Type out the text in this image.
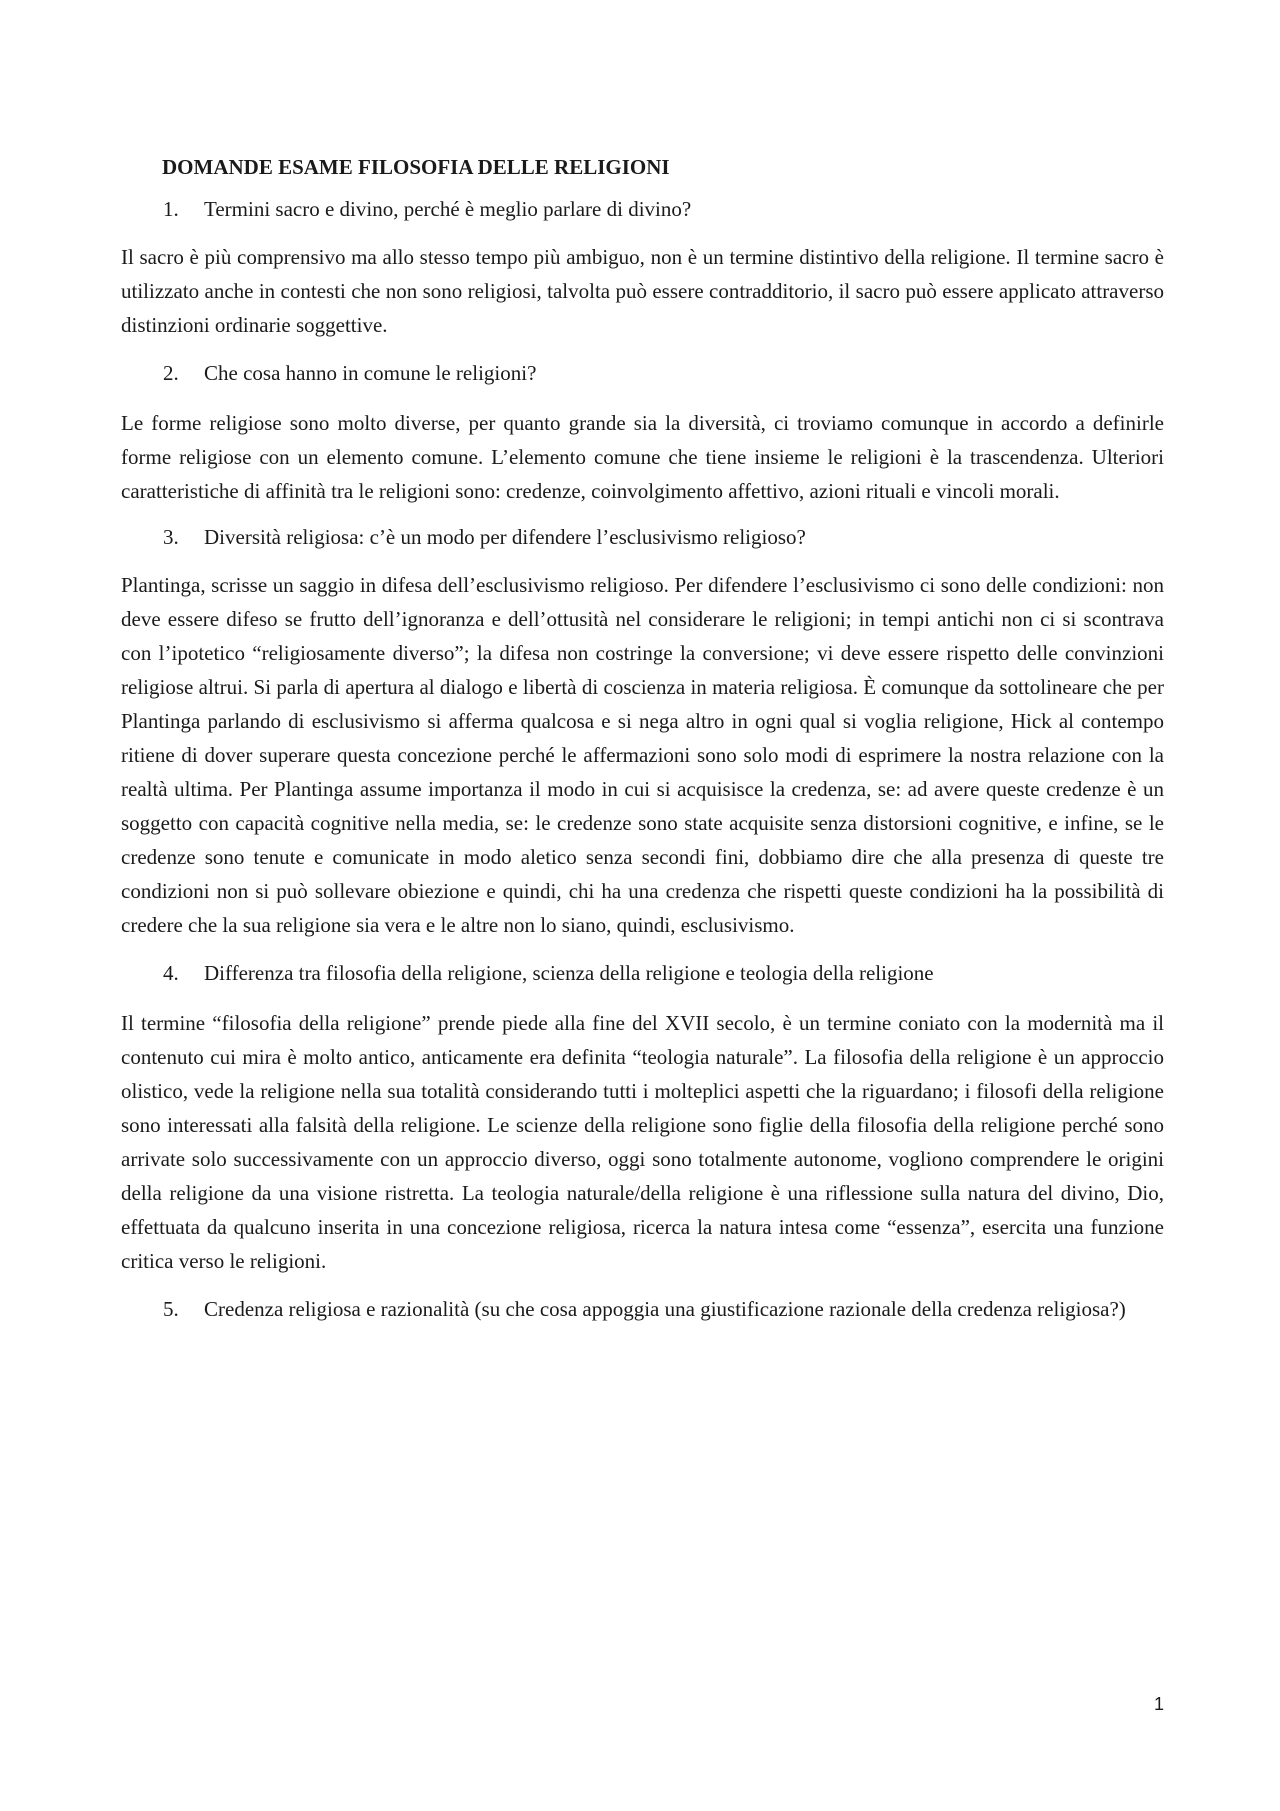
DOMANDE ESAME FILOSOFIA DELLE RELIGIONI
1.	Termini sacro e divino, perché è meglio parlare di divino?

Il sacro è più comprensivo ma allo stesso tempo più ambiguo, non è un termine distintivo della religione. Il termine sacro è utilizzato anche in contesti che non sono religiosi, talvolta può essere contradditorio, il sacro può essere applicato attraverso distinzioni ordinarie soggettive.

2.	Che cosa hanno in comune le religioni?

Le forme religiose sono molto diverse, per quanto grande sia la diversità, ci troviamo comunque in accordo a definirle forme religiose con un elemento comune. L’elemento comune che tiene insieme le religioni è la trascendenza. Ulteriori caratteristiche di affinità tra le religioni sono: credenze, coinvolgimento affettivo, azioni rituali e vincoli morali.

3.	Diversità religiosa: c’è un modo per difendere l’esclusivismo religioso?

Plantinga, scrisse un saggio in difesa dell’esclusivismo religioso. Per difendere l’esclusivismo ci sono delle condizioni: non deve essere difeso se frutto dell’ignoranza e dell’ottusità nel considerare le religioni; in tempi antichi non ci si scontrava con l’ipotetico “religiosamente diverso”; la difesa non costringe la conversione; vi deve essere rispetto delle convinzioni religiose altrui. Si parla di apertura al dialogo e libertà di coscienza in materia religiosa. È comunque da sottolineare che per Plantinga parlando di esclusivismo si afferma qualcosa e si nega altro in ogni qual si voglia religione, Hick al contempo ritiene di dover superare questa concezione perché le affermazioni sono solo modi di esprimere la nostra relazione con la realtà ultima. Per Plantinga assume importanza il modo in cui si acquisisce la credenza, se: ad avere queste credenze è un soggetto con capacità cognitive nella media, se: le credenze sono state acquisite senza distorsioni cognitive, e infine, se le credenze sono tenute e comunicate in modo aletico senza secondi fini, dobbiamo dire che alla presenza di queste tre condizioni non si può sollevare obiezione e quindi, chi ha una credenza che rispetti queste condizioni ha la possibilità di credere che la sua religione sia vera e le altre non lo siano, quindi, esclusivismo.

4.	Differenza tra filosofia della religione, scienza della religione e teologia della religione

Il termine “filosofia della religione” prende piede alla fine del XVII secolo, è un termine coniato con la modernità ma il contenuto cui mira è molto antico, anticamente era definita “teologia naturale”. La filosofia della religione è un approccio olistico, vede la religione nella sua totalità considerando tutti i molteplici aspetti che la riguardano; i filosofi della religione sono interessati alla falsità della religione. Le scienze della religione sono figlie della filosofia della religione perché sono arrivate solo successivamente con un approccio diverso, oggi sono totalmente autonome, vogliono comprendere le origini della religione da una visione ristretta. La teologia naturale/della religione è una riflessione sulla natura del divino, Dio, effettuata da qualcuno inserita in una concezione religiosa, ricerca la natura intesa come “essenza”, esercita una funzione critica verso le religioni.

5.	Credenza religiosa e razionalità (su che cosa appoggia una giustificazione razionale della credenza religiosa?)
1
